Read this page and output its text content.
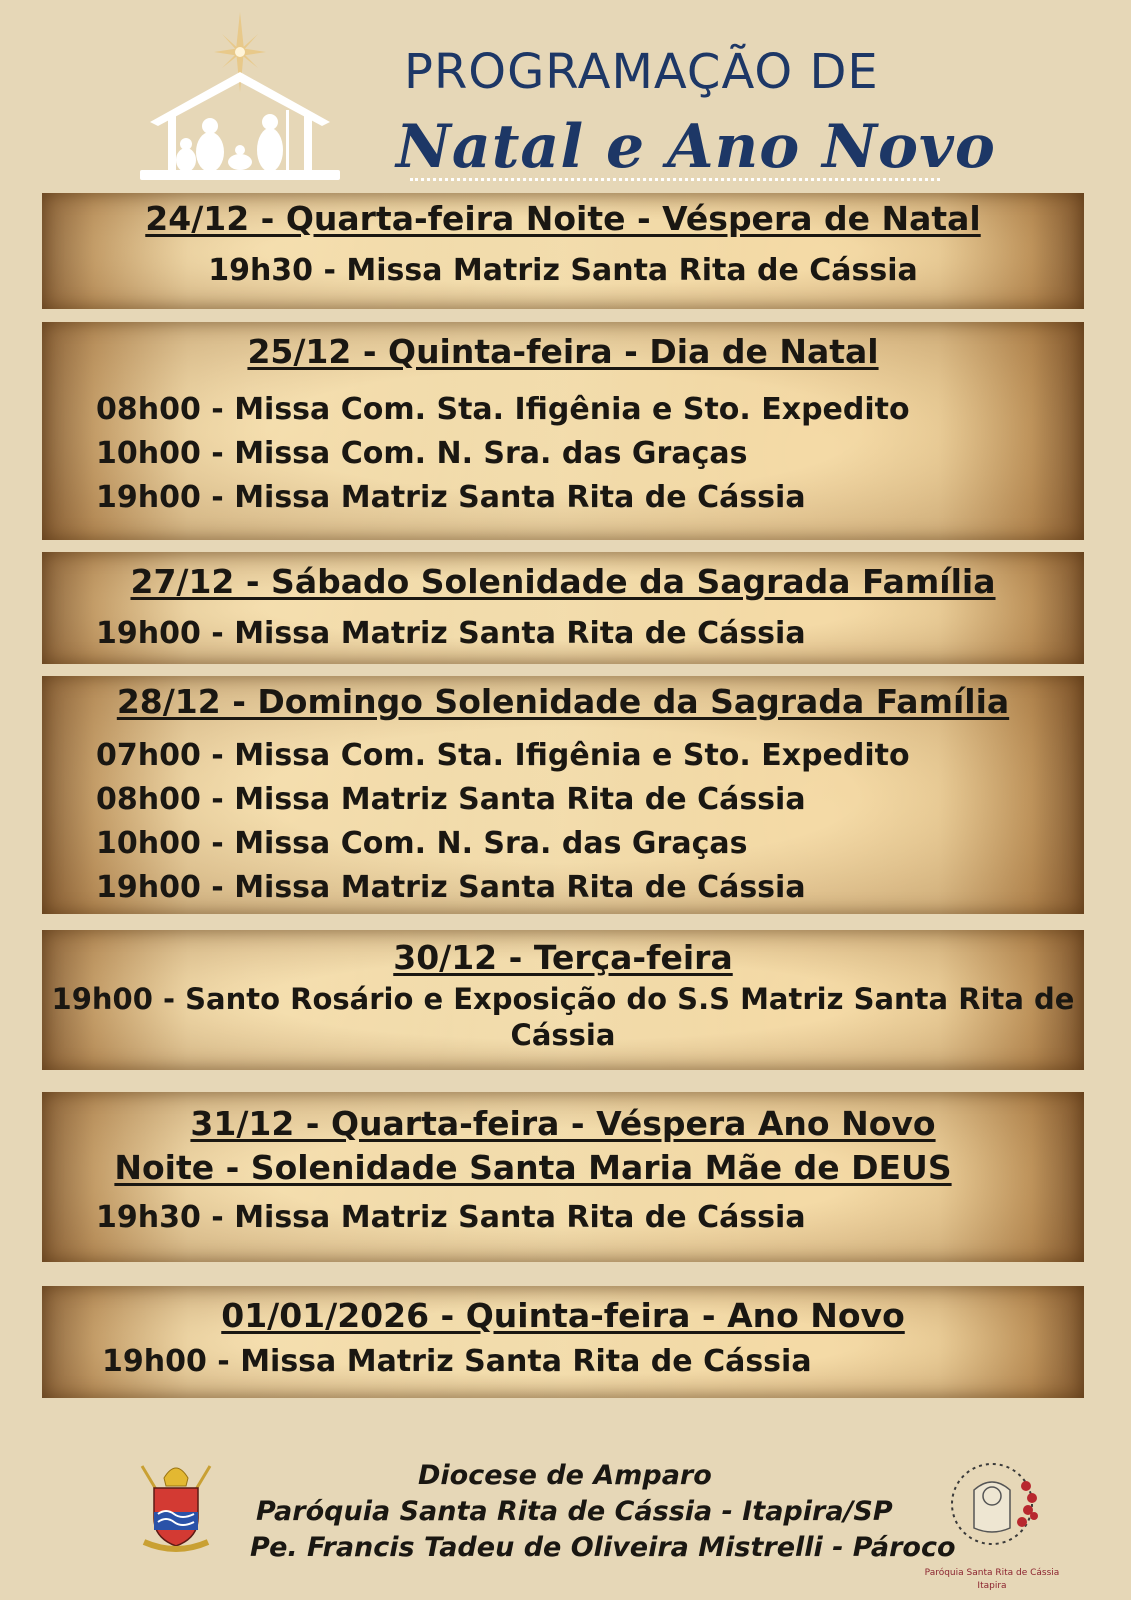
PROGRAMAÇÃO DE
Natal e Ano Novo
24/12 - Quarta-feira Noite - Véspera de Natal
19h30 - Missa Matriz Santa Rita de Cássia
25/12 - Quinta-feira - Dia de Natal
08h00 - Missa Com. Sta. Ifigênia e Sto. Expedito
10h00 - Missa Com. N. Sra. das Graças
19h00 - Missa Matriz Santa Rita de Cássia
27/12 - Sábado Solenidade da Sagrada Família
19h00 - Missa Matriz Santa Rita de Cássia
28/12 - Domingo Solenidade da Sagrada Família
07h00 - Missa Com. Sta. Ifigênia e Sto. Expedito
08h00 - Missa Matriz Santa Rita de Cássia
10h00 - Missa Com. N. Sra. das Graças
19h00 - Missa Matriz Santa Rita de Cássia
30/12 - Terça-feira
19h00 - Santo Rosário e Exposição do S.S Matriz Santa Rita de
Cássia
31/12 - Quarta-feira - Véspera Ano Novo
Noite - Solenidade Santa Maria Mãe de DEUS
19h30 - Missa Matriz Santa Rita de Cássia
01/01/2026 - Quinta-feira - Ano Novo
19h00 - Missa Matriz Santa Rita de Cássia
Diocese de Amparo
Paróquia Santa Rita de Cássia - Itapira/SP
Pe. Francis Tadeu de Oliveira Mistrelli - Pároco
Paróquia Santa Rita de Cássia
Itapira
